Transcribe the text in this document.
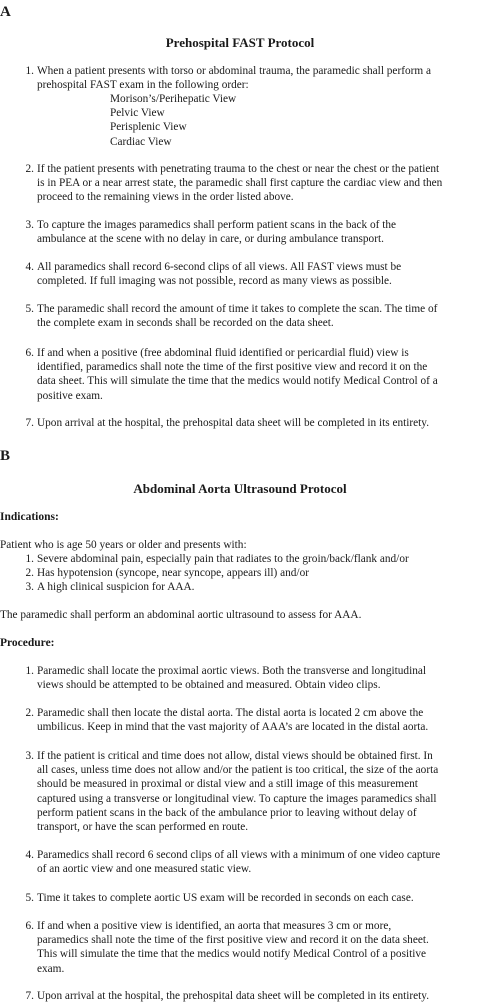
A
Prehospital FAST Protocol
1. When a patient presents with torso or abdominal trauma, the paramedic shall perform a
prehospital FAST exam in the following order:
Morison’s/Perihepatic View
Pelvic View
Perisplenic View
Cardiac View
2. If the patient presents with penetrating trauma to the chest or near the chest or the patient
is in PEA or a near arrest state, the paramedic shall first capture the cardiac view and then
proceed to the remaining views in the order listed above.
3. To capture the images paramedics shall perform patient scans in the back of the
ambulance at the scene with no delay in care, or during ambulance transport.
4. All paramedics shall record 6-second clips of all views. All FAST views must be
completed. If full imaging was not possible, record as many views as possible.
5. The paramedic shall record the amount of time it takes to complete the scan. The time of
the complete exam in seconds shall be recorded on the data sheet.
6. If and when a positive (free abdominal fluid identified or pericardial fluid) view is
identified, paramedics shall note the time of the first positive view and record it on the
data sheet. This will simulate the time that the medics would notify Medical Control of a
positive exam.
7. Upon arrival at the hospital, the prehospital data sheet will be completed in its entirety.
B
Abdominal Aorta Ultrasound Protocol
Indications:
Patient who is age 50 years or older and presents with:
1. Severe abdominal pain, especially pain that radiates to the groin/back/flank and/or
2. Has hypotension (syncope, near syncope, appears ill) and/or
3. A high clinical suspicion for AAA.
The paramedic shall perform an abdominal aortic ultrasound to assess for AAA.
Procedure:
1. Paramedic shall locate the proximal aortic views. Both the transverse and longitudinal
views should be attempted to be obtained and measured. Obtain video clips.
2. Paramedic shall then locate the distal aorta. The distal aorta is located 2 cm above the
umbilicus. Keep in mind that the vast majority of AAA’s are located in the distal aorta.
3. If the patient is critical and time does not allow, distal views should be obtained first. In
all cases, unless time does not allow and/or the patient is too critical, the size of the aorta
should be measured in proximal or distal view and a still image of this measurement
captured using a transverse or longitudinal view. To capture the images paramedics shall
perform patient scans in the back of the ambulance prior to leaving without delay of
transport, or have the scan performed en route.
4. Paramedics shall record 6 second clips of all views with a minimum of one video capture
of an aortic view and one measured static view.
5. Time it takes to complete aortic US exam will be recorded in seconds on each case.
6. If and when a positive view is identified, an aorta that measures 3 cm or more,
paramedics shall note the time of the first positive view and record it on the data sheet.
This will simulate the time that the medics would notify Medical Control of a positive
exam.
7. Upon arrival at the hospital, the prehospital data sheet will be completed in its entirety.
